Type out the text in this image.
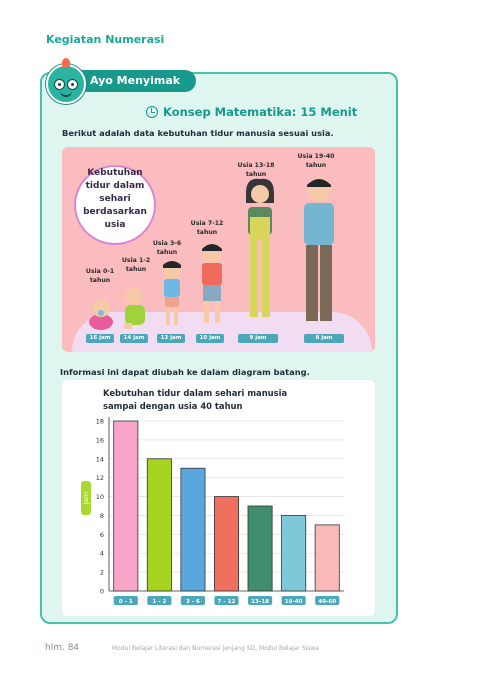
Kegiatan Numerasi
Ayo Menyimak
Konsep Matematika: 15 Menit
Berikut adalah data kebutuhan tidur manusia sesuai usia.
Kebutuhan tidur dalam sehari berdasarkan usia
Usia 0-1 tahun
Usia 1-2 tahun
Usia 3-6 tahun
Usia 7-12 tahun
Usia 13-18 tahun
Usia 19-40 tahun
16 jam	14 jam	13 jam	10 jam	9 jam	8 jam
Informasi ini dapat diubah ke dalam diagram batang.
Kebutuhan tidur dalam sehari manusia sampai dengan usia 40 tahun
Jam
0
2
4
6
8
10
12
14
16
18
0 - 1	1 - 2	3 - 6	7 - 12	13-18	19-40	40-60
hlm. 84	Modul Belajar Literasi dan Numerasi jenjang SD, Modul Belajar Siswa
